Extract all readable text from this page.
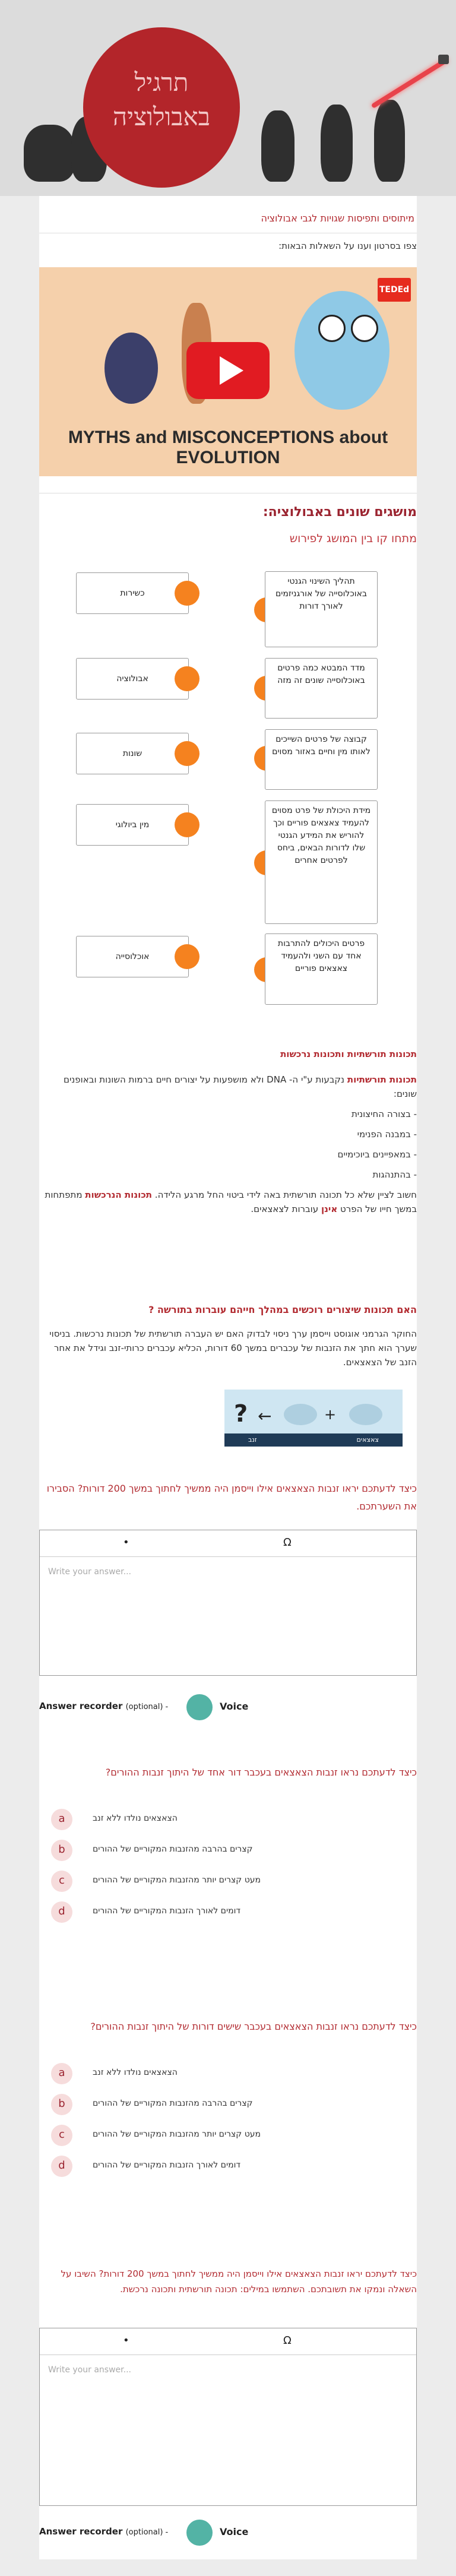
תרגיל
באבולוציה
מיתוסים ותפיסות שגויות לגבי אבולוציה
צפו בסרטון וענו על השאלות הבאות:
TEDEd
MYTHS and MISCONCEPTIONS about EVOLUTION
מושגים שונים באבולוציה:
מתחו קו בין המושג לפירוש
כשירות
אבולוציה
שונות
מין ביולוגי
אוכלוסייה
תהליך השינוי הגנטי באוכלוסייה של אורגניזמים לאורך דורות
מדד המבטא כמה פרטים באוכלוסייה שונים זה מזה
קבוצה של פרטים השייכים לאותו מין וחיים באזור מסוים
מידת היכולת של פרט מסוים להעמיד צאצאים פוריים וכך להוריש את המידע הגנטי שלו לדורות הבאים, ביחס לפרטים אחרים
פרטים היכולים להתרבות אחד עם השני ולהעמיד צאצאים פוריים
תכונות תורשתיות ותכונות נרכשות
תכונות תורשתיות נקבעות ע"י ה- DNA ולא מושפעות על יצורים חיים ברמות השונות ובאופנים שונים:
- בצורה החיצונית
- במבנה הפנימי
- במאפיינים ביוכימיים
- בהתנהגות
חשוב לציין שלא כל תכונה תורשתית באה לידי ביטוי החל מרגע הלידה. תכונות הנרכשות מתפתחות במשך חייו של הפרט אינן עוברות לצאצאים.
האם תכונות שיצורים רוכשים במהלך חייהם עוברות בתורשה ?
החוקר הגרמני אוגוסט וייסמן ערך ניסוי לבדוק האם יש העברה תורשתית של תכונות נרכשות. בניסוי שערך הוא חתך את הזנבות של עכברים במשך 60 דורות, הכליא עכברים כרותי-זנב וגידל את אחר הזנב של הצאצאים.
? ←	+
צאצאים
זנב
כיצד לדעתכם יראו זנבות הצאצאים אילו וייסמן היה ממשיך לחתוך במשך 200 דורות? הסבירו את השערתכם.
•	Ω
Write your answer...
Answer recorder (optional) -	Voice
כיצד לדעתכם נראו זנבות הצאצאים בעכבר דור אחד של היתוך זנבות ההורים?
a	הצאצאים נולדו ללא זנב
b	קצרים בהרבה מהזנבות המקוריים של ההורים
c	מעט קצרים יותר מהזנבות המקוריים של ההורים
d	דומים לאורך הזנבות המקוריים של ההורים
כיצד לדעתכם נראו זנבות הצאצאים בעכבר שישים דורות של היתוך זנבות ההורים?
a	הצאצאים נולדו ללא זנב
b	קצרים בהרבה מהזנבות המקוריים של ההורים
c	מעט קצרים יותר מהזנבות המקוריים של ההורים
d	דומים לאורך הזנבות המקוריים של ההורים
כיצד לדעתכם יראו זנבות הצאצאים אילו וייסמן היה ממשיך לחתוך במשך 200 דורות? השיבו על השאלה ונמקו את תשובתכם. השתמשו במילים: תכונה תורשתית ותכונה נרכשת.
•	Ω
Write your answer...
Answer recorder (optional) -	Voice
